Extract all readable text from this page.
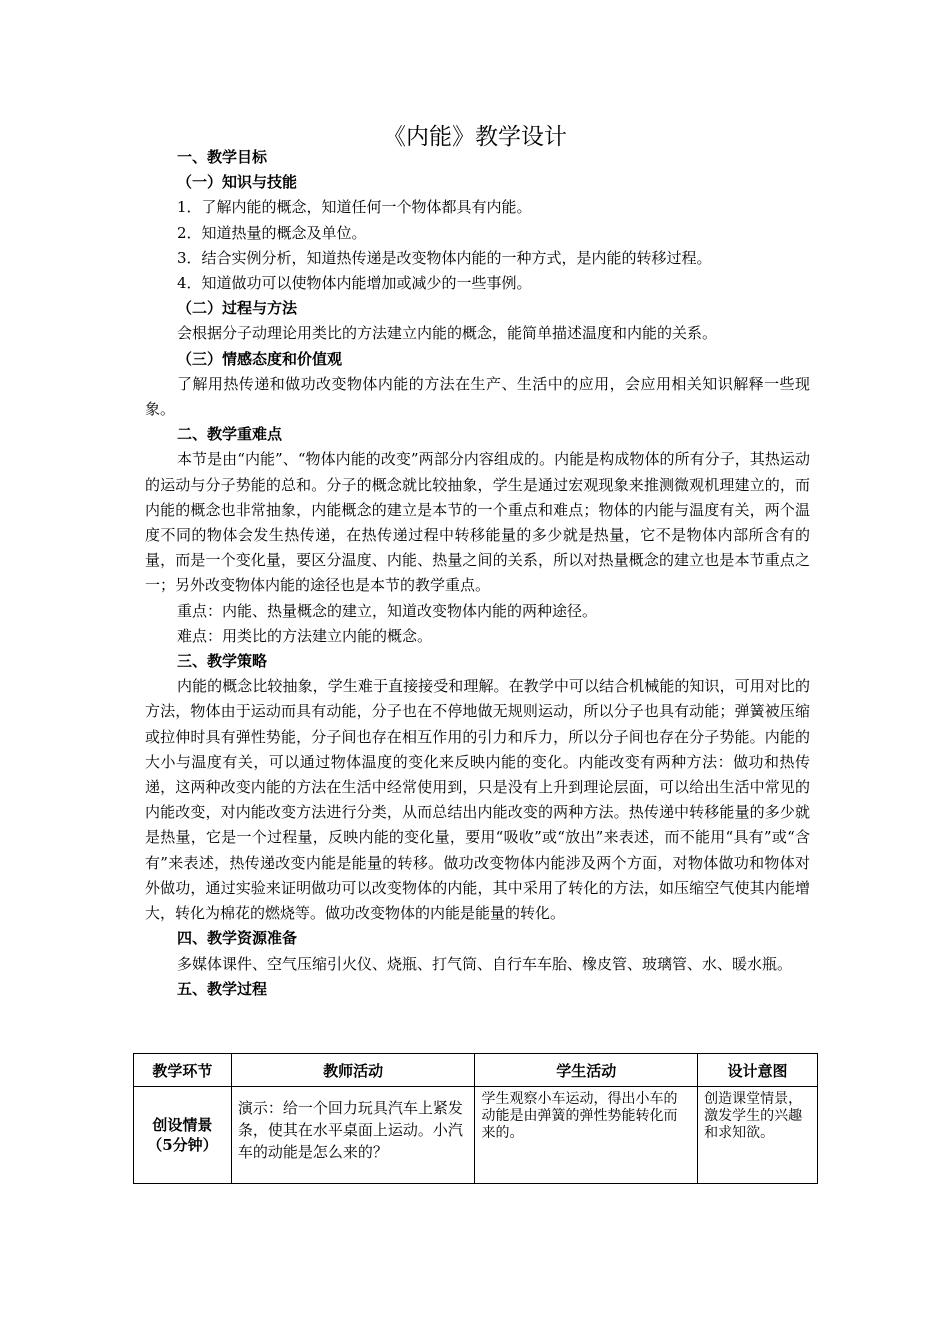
《内能》教学设计

一、教学目标

（一）知识与技能

1．了解内能的概念，知道任何一个物体都具有内能。

2．知道热量的概念及单位。

3．结合实例分析，知道热传递是改变物体内能的一种方式，是内能的转移过程。

4．知道做功可以使物体内能增加或减少的一些事例。

（二）过程与方法

会根据分子动理论用类比的方法建立内能的概念，能简单描述温度和内能的关系。

（三）情感态度和价值观

了解用热传递和做功改变物体内能的方法在生产、生活中的应用，会应用相关知识解释一些现象。

二、教学重难点

本节是由“内能”、“物体内能的改变”两部分内容组成的。内能是构成物体的所有分子，其热运动的运动与分子势能的总和。分子的概念就比较抽象，学生是通过宏观现象来推测微观机理建立的，而内能的概念也非常抽象，内能概念的建立是本节的一个重点和难点；物体的内能与温度有关，两个温度不同的物体会发生热传递，在热传递过程中转移能量的多少就是热量，它不是物体内部所含有的量，而是一个变化量，要区分温度、内能、热量之间的关系，所以对热量概念的建立也是本节重点之一；另外改变物体内能的途径也是本节的教学重点。

重点：内能、热量概念的建立，知道改变物体内能的两种途径。

难点：用类比的方法建立内能的概念。

三、教学策略

内能的概念比较抽象，学生难于直接接受和理解。在教学中可以结合机械能的知识，可用对比的方法，物体由于运动而具有动能，分子也在不停地做无规则运动，所以分子也具有动能；弹簧被压缩或拉伸时具有弹性势能，分子间也存在相互作用的引力和斥力，所以分子间也存在分子势能。内能的大小与温度有关，可以通过物体温度的变化来反映内能的变化。内能改变有两种方法：做功和热传递，这两种改变内能的方法在生活中经常使用到，只是没有上升到理论层面，可以给出生活中常见的内能改变，对内能改变方法进行分类，从而总结出内能改变的两种方法。热传递中转移能量的多少就是热量，它是一个过程量，反映内能的变化量，要用“吸收”或“放出”来表述，而不能用“具有”或“含有”来表述，热传递改变内能是能量的转移。做功改变物体内能涉及两个方面，对物体做功和物体对外做功，通过实验来证明做功可以改变物体的内能，其中采用了转化的方法，如压缩空气使其内能增大，转化为棉花的燃烧等。做功改变物体的内能是能量的转化。

四、教学资源准备

多媒体课件、空气压缩引火仪、烧瓶、打气筒、自行车车胎、橡皮管、玻璃管、水、暖水瓶。

五、教学过程

教学环节	教师活动	学生活动	设计意图

创设情景
（5分钟）	演示：给一个回力玩具汽车上紧发条，使其在水平桌面上运动。小汽车的动能是怎么来的？	学生观察小车运动，得出小车的动能是由弹簧的弹性势能转化而来的。	创造课堂情景，激发学生的兴趣和求知欲。
